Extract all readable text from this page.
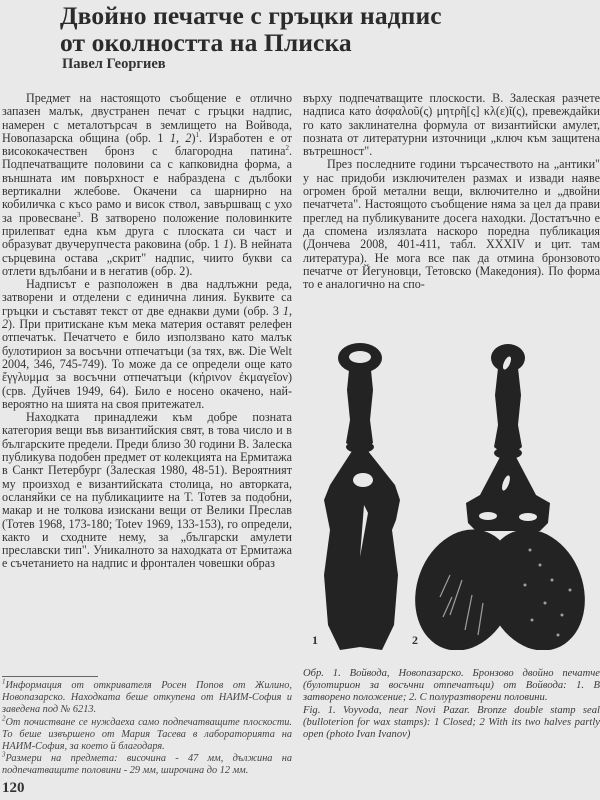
Двойно печатче с гръцки надпис
от околността на Плиска
Павел Георгиев

Предмет на настоящото съобщение е отлично запазен малък, двустранен печат с гръцки надпис, намерен с металотърсач в землището на Войвода, Новопазарска община (обр. 1 1, 2)$^1$. Изработен е от висококачествен бронз с благородна патина$^2$. Подпечатващите половини са с капковидна форма, а външната им повърхност е набраздена с дълбоки вертикални жлебове. Окачени са шарнирно на кобиличка с късо рамо и висок ствол, завършващ с ухо за провесване$^3$. В затворено положение половинките прилепват една към друга с плоската си част и образуват двучерупчеста раковина (обр. 1 1). В нейната сърцевина остава „скрит" надпис, чиито букви са отлети вдълбани и в негатив (обр. 2).

Надписът е разположен в два надлъжни реда, затворени и отделени с единична линия. Буквите са гръцки и съставят текст от две еднакви думи (обр. 3 1, 2). При притискане към мека материя оставят релефен отпечатък. Печатчето е било използвано като малък булотирион за восъчни отпечатъци (за тях, вж. Die Welt 2004, 346, 745-749). То може да се определи още като ἔγγλυμμα за восъчни отпечатъци (κήρινον ἐκμαγεῖον) (срв. Дуйчев 1949, 64). Било е носено окачено, най-вероятно на шията на своя притежател.

Находката принадлежи към добре позната категория вещи във византийския свят, в това число и в българските предели. Преди близо 30 години В. Залеска публикува подобен предмет от колекцията на Ермитажа в Санкт Петербург (Залеская 1980, 48-51). Вероятният му произход е византийската столица, но авторката, осланяйки се на публикациите на Т. Тотев за подобни, макар и не толкова изискани вещи от Велики Преслав (Тотев 1968, 173-180; Totev 1969, 133-153), го определи, както и сходните нему, за „български амулети преславски тип". Уникалното за находката от Ермитажа е съчетанието на надпис и фронтален човешки образ

$^1$Информация от откривателя Росен Попов от Жилино, Новопазарско. Находката беше откупена от НАИМ-София и заведена под № 6213.

$^2$От почистване се нуждаеха само подпечатващите плоскости. То беше извършено от Мария Тасева в лабораторията на НАИМ-София, за което й благодаря.

$^3$Размери на предмета: височина - 47 мм, дължина на подпечатващите половини - 29 мм, широчина до 12 мм.

120

върху подпечатващите плоскости. В. Залеская разчете надписа като ἀσφαλοῦ(ς) μητρῆ[ς] κλ(ε)ῖ(ς), превеждайки го като заклинателна формула от византийски амулет, позната от литературни източници „ключ към защитена вътрешност".

През последните години търсачеството на „антики" у нас придоби изключителен размах и извади наяве огромен брой метални вещи, включително и „двойни печатчета". Настоящото съобщение няма за цел да прави преглед на публикуваните досега находки. Достатъчно е да спомена излязлата наскоро поредна публикация (Дончева 2008, 401-411, табл. XXXIV и цит. там литература). Не мога все пак да отмина бронзовото печатче от Йегуновци, Тетовско (Македония). По форма то е аналогично на спо-

1	2

Обр. 1. Войвода, Новопазарско. Бронзово двойно печатче (булотирион за восъчни отпечатъци) от Войвода: 1. В затворено положение; 2. С полуразтворени половини.

Fig. 1. Voyvoda, near Novi Pazar. Bronze double stamp seal (bulloterion for wax stamps): 1 Closed; 2 With its two halves partly open (photo Ivan Ivanov)
